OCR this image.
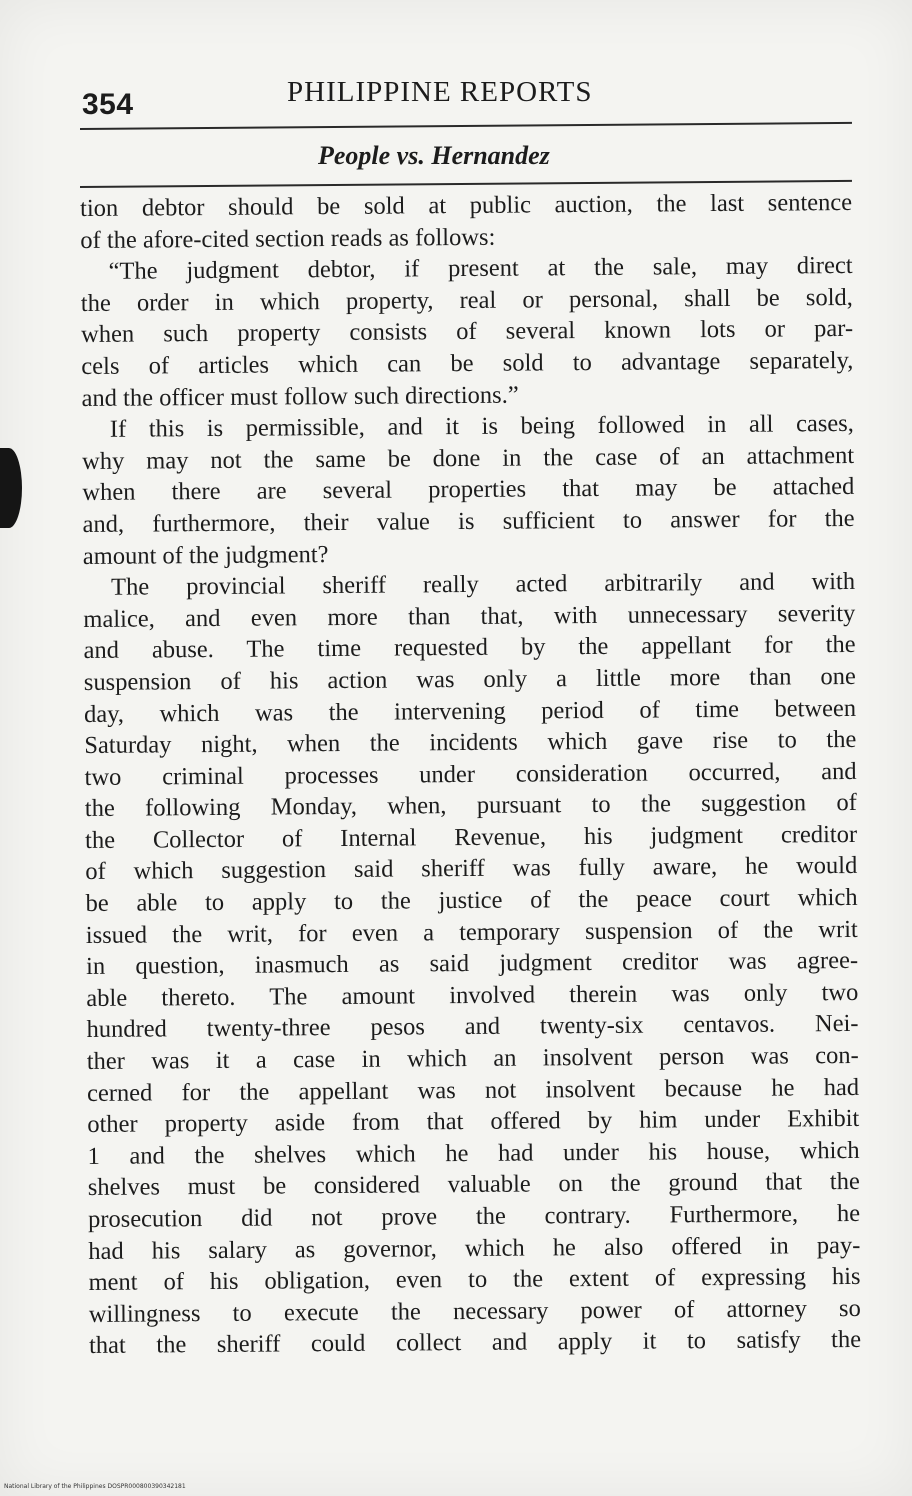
354	PHILIPPINE REPORTS
People vs. Hernandez
tion debtor should be sold at public auction, the last sentence
of the afore-cited section reads as follows:
“The judgment debtor, if present at the sale, may direct
the order in which property, real or personal, shall be sold,
when such property consists of several known lots or par-
cels of articles which can be sold to advantage separately,
and the officer must follow such directions.”
If this is permissible, and it is being followed in all cases,
why may not the same be done in the case of an attachment
when there are several properties that may be attached
and, furthermore, their value is sufficient to answer for the
amount of the judgment?
The provincial sheriff really acted arbitrarily and with
malice, and even more than that, with unnecessary severity
and abuse. The time requested by the appellant for the
suspension of his action was only a little more than one
day, which was the intervening period of time between
Saturday night, when the incidents which gave rise to the
two criminal processes under consideration occurred, and
the following Monday, when, pursuant to the suggestion of
the Collector of Internal Revenue, his judgment creditor
of which suggestion said sheriff was fully aware, he would
be able to apply to the justice of the peace court which
issued the writ, for even a temporary suspension of the writ
in question, inasmuch as said judgment creditor was agree-
able thereto. The amount involved therein was only two
hundred twenty-three pesos and twenty-six centavos. Nei-
ther was it a case in which an insolvent person was con-
cerned for the appellant was not insolvent because he had
other property aside from that offered by him under Exhibit
1 and the shelves which he had under his house, which
shelves must be considered valuable on the ground that the
prosecution did not prove the contrary. Furthermore, he
had his salary as governor, which he also offered in pay-
ment of his obligation, even to the extent of expressing his
willingness to execute the necessary power of attorney so
that the sheriff could collect and apply it to satisfy the
National Library of the Philippines DOSPR000800390342181
